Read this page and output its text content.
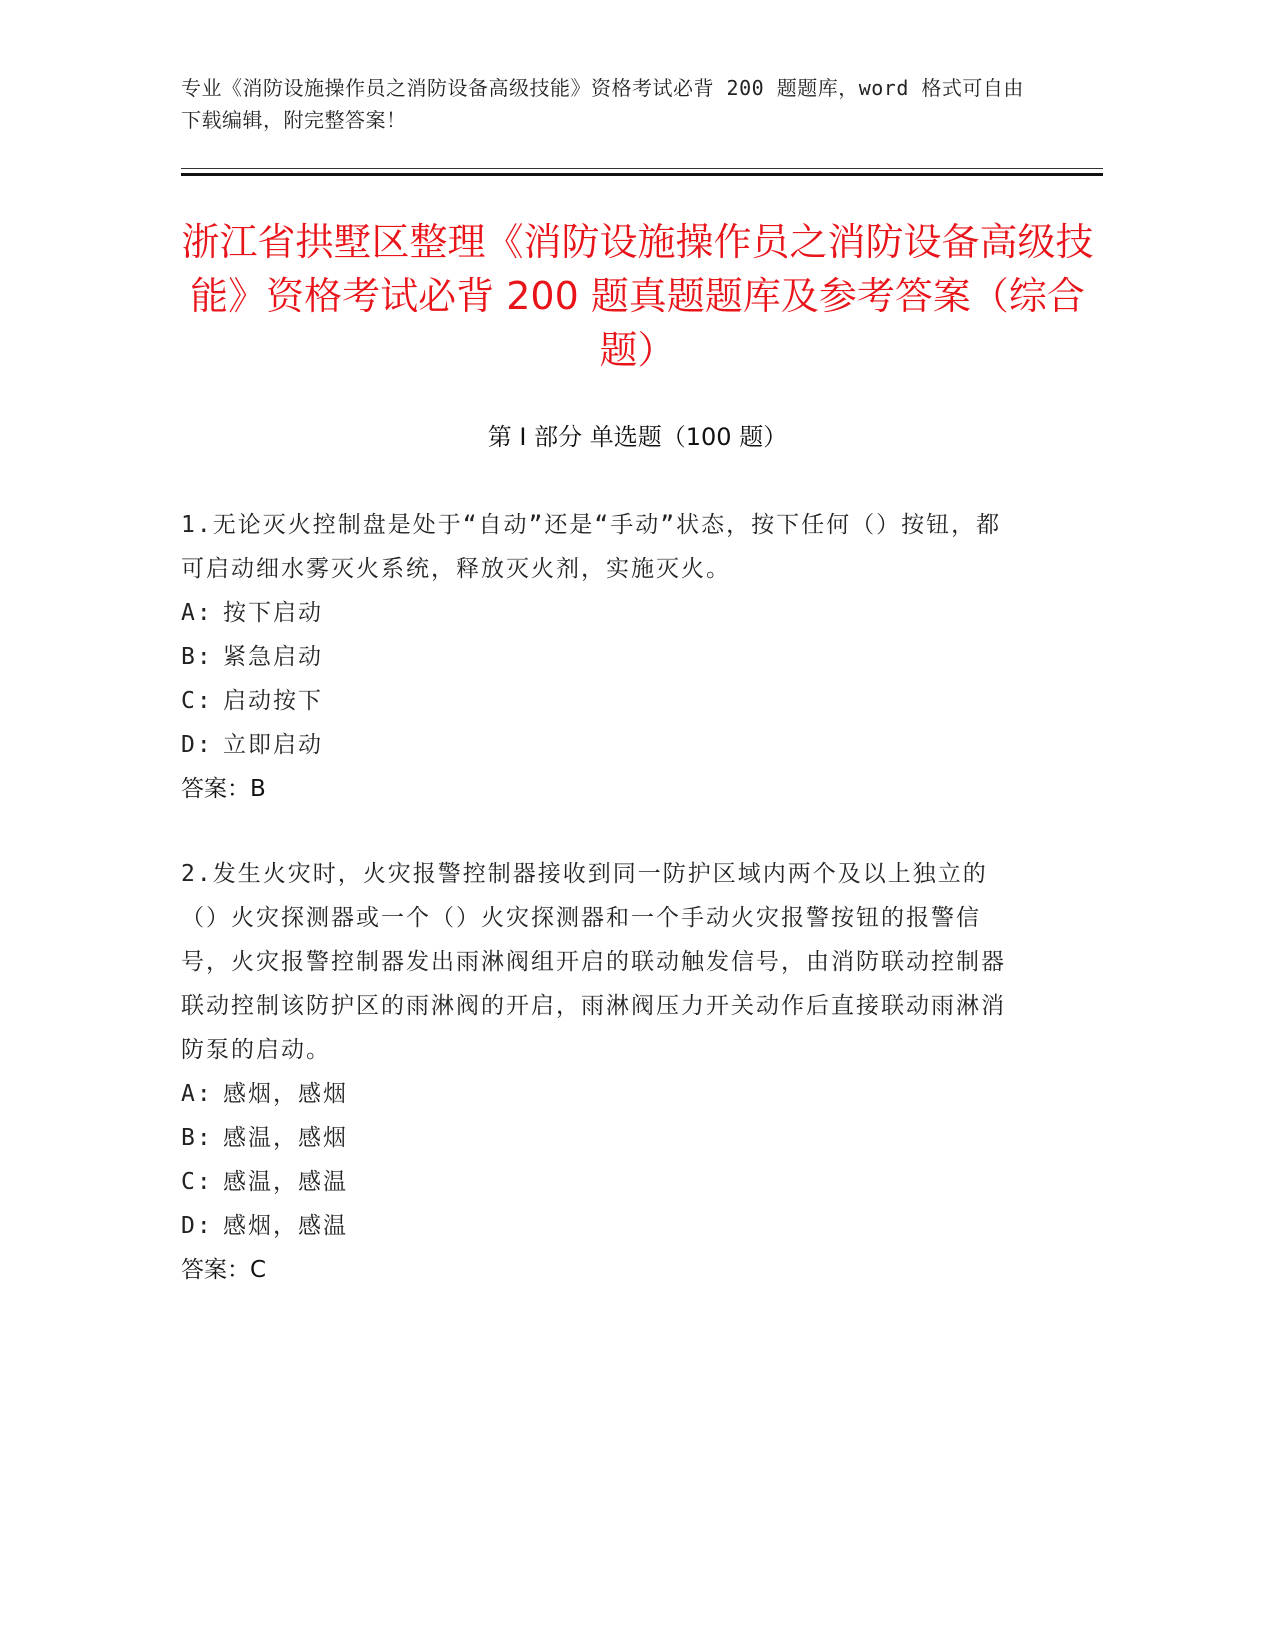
专业《消防设施操作员之消防设备高级技能》资格考试必背 200 题题库，word 格式可自由下载编辑，附完整答案！
浙江省拱墅区整理《消防设施操作员之消防设备高级技能》资格考试必背 200 题真题题库及参考答案（综合题）
第 I 部分 单选题（100 题）

1.无论灭火控制盘是处于“自动”还是“手动”状态，按下任何（）按钮，都可启动细水雾灭火系统，释放灭火剂，实施灭火。

A: 按下启动

B: 紧急启动

C: 启动按下

D: 立即启动

答案：B

2.发生火灾时，火灾报警控制器接收到同一防护区域内两个及以上独立的（）火灾探测器或一个（）火灾探测器和一个手动火灾报警按钮的报警信号，火灾报警控制器发出雨淋阀组开启的联动触发信号，由消防联动控制器联动控制该防护区的雨淋阀的开启，雨淋阀压力开关动作后直接联动雨淋消防泵的启动。

A: 感烟，感烟

B: 感温，感烟

C: 感温，感温

D: 感烟，感温

答案：C
